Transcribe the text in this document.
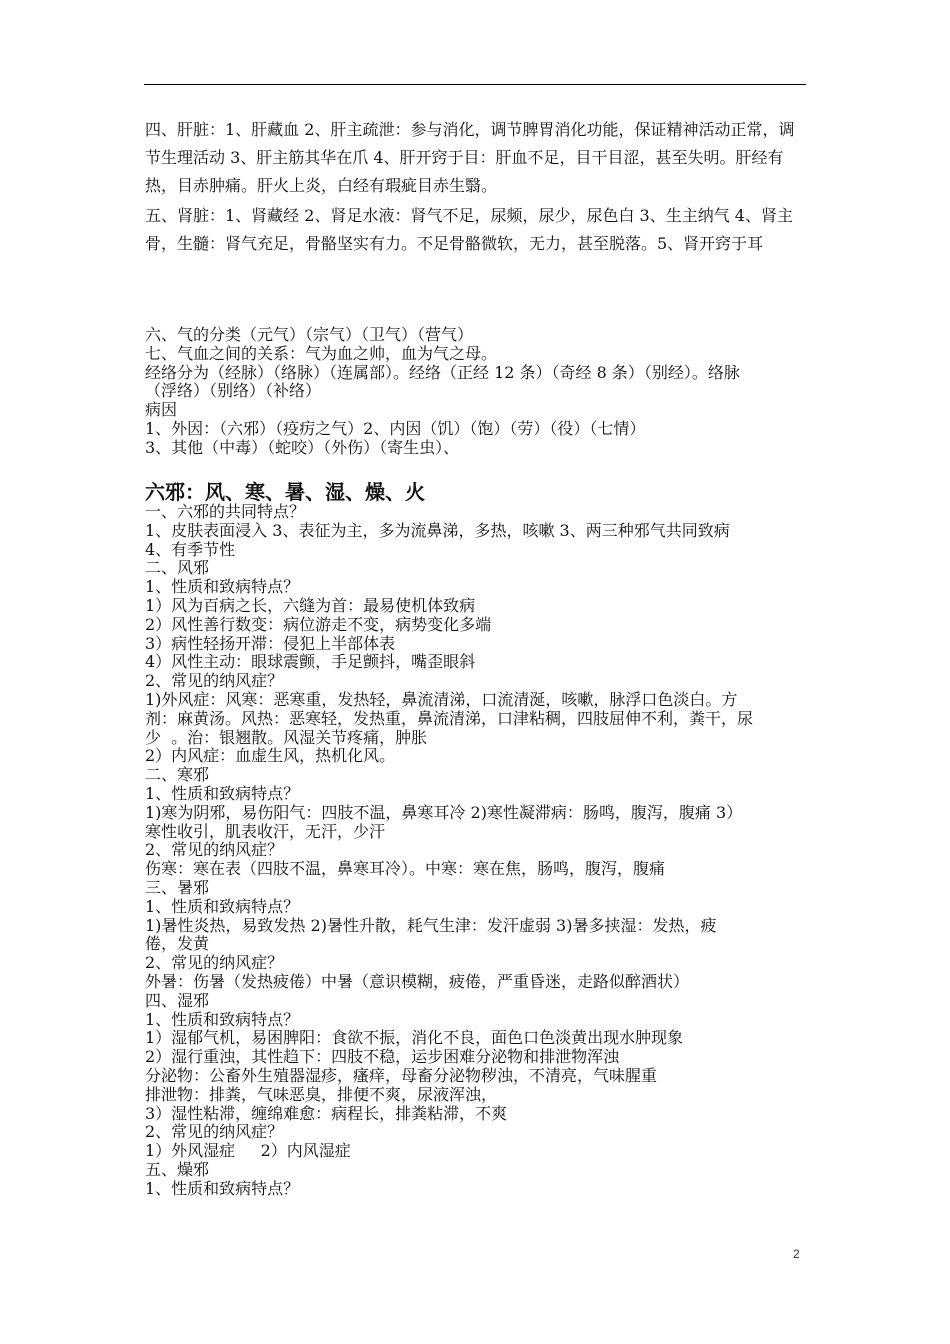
四、肝脏：1、肝藏血 2、肝主疏泄：参与消化，调节脾胃消化功能，保证精神活动正常，调节生理活动 3、肝主筋其华在爪 4、肝开窍于目：肝血不足，目干目涩，甚至失明。肝经有热，目赤肿痛。肝火上炎，白经有瑕疵目赤生翳。
五、肾脏：1、肾藏经 2、肾足水液：肾气不足，尿频，尿少，尿色白 3、生主纳气 4、肾主骨，生髓：肾气充足，骨骼坚实有力。不足骨骼微软，无力，甚至脱落。5、肾开窍于耳
六、气的分类（元气）（宗气）（卫气）（营气）
七、气血之间的关系：气为血之帅，血为气之母。
经络分为（经脉）（络脉）（连属部）。经络（正经 12 条）（奇经 8 条）（别经）。络脉
（浮络）（别络）（补络）
病因
1、外因：（六邪）（疫疠之气）2、内因（饥）（饱）（劳）（役）（七情）
3、其他（中毒）（蛇咬）（外伤）（寄生虫）、
六邪：风、寒、暑、湿、燥、火
一、六邪的共同特点？
1、皮肤表面浸入 3、表征为主，多为流鼻涕，多热，咳嗽 3、两三种邪气共同致病
4、有季节性
二、风邪
1、性质和致病特点？
1）风为百病之长，六缝为首：最易使机体致病
2）风性善行数变：病位游走不变，病势变化多端
3）病性轻扬开滞：侵犯上半部体表
4）风性主动：眼球震颤，手足颤抖，嘴歪眼斜
2、常见的纳风症？
1)外风症：风寒：恶寒重，发热轻，鼻流清涕，口流清涎，咳嗽，脉浮口色淡白。方
剂：麻黄汤。风热：恶寒轻，发热重，鼻流清涕，口津粘稠，四肢屈伸不利，粪干，尿
少  。治：银翘散。风湿关节疼痛，肿胀
2）内风症：血虚生风，热机化风。
二、寒邪
1、性质和致病特点？
1)寒为阴邪，易伤阳气：四肢不温，鼻寒耳冷 2)寒性凝滞病：肠鸣，腹泻，腹痛 3）
寒性收引，肌表收汗，无汗，少汗
2、常见的纳风症？
伤寒：寒在表（四肢不温，鼻寒耳冷）。中寒：寒在焦，肠鸣，腹泻，腹痛
三、暑邪
1、性质和致病特点？
1)暑性炎热，易致发热 2)暑性升散，耗气生津：发汗虚弱 3)暑多挟湿：发热，疲
倦，发黄
2、常见的纳风症？
外暑：伤暑（发热疲倦）中暑（意识模糊，疲倦，严重昏迷，走路似醉酒状）
四、湿邪
1、性质和致病特点？
1）湿郁气机，易困脾阳：食欲不振，消化不良，面色口色淡黄出现水肿现象
2）湿行重浊，其性趋下：四肢不稳，运步困难分泌物和排泄物浑浊
分泌物：公畜外生殖器湿疹，瘙痒，母畜分泌物秽浊，不清亮，气味腥重
排泄物：排粪，气味恶臭，排便不爽，尿液浑浊，
3）湿性粘滞，缠绵难愈：病程长，排粪粘滞，不爽
2、常见的纳风症？
1）外风湿症     2）内风湿症
五、燥邪
1、性质和致病特点？
2
